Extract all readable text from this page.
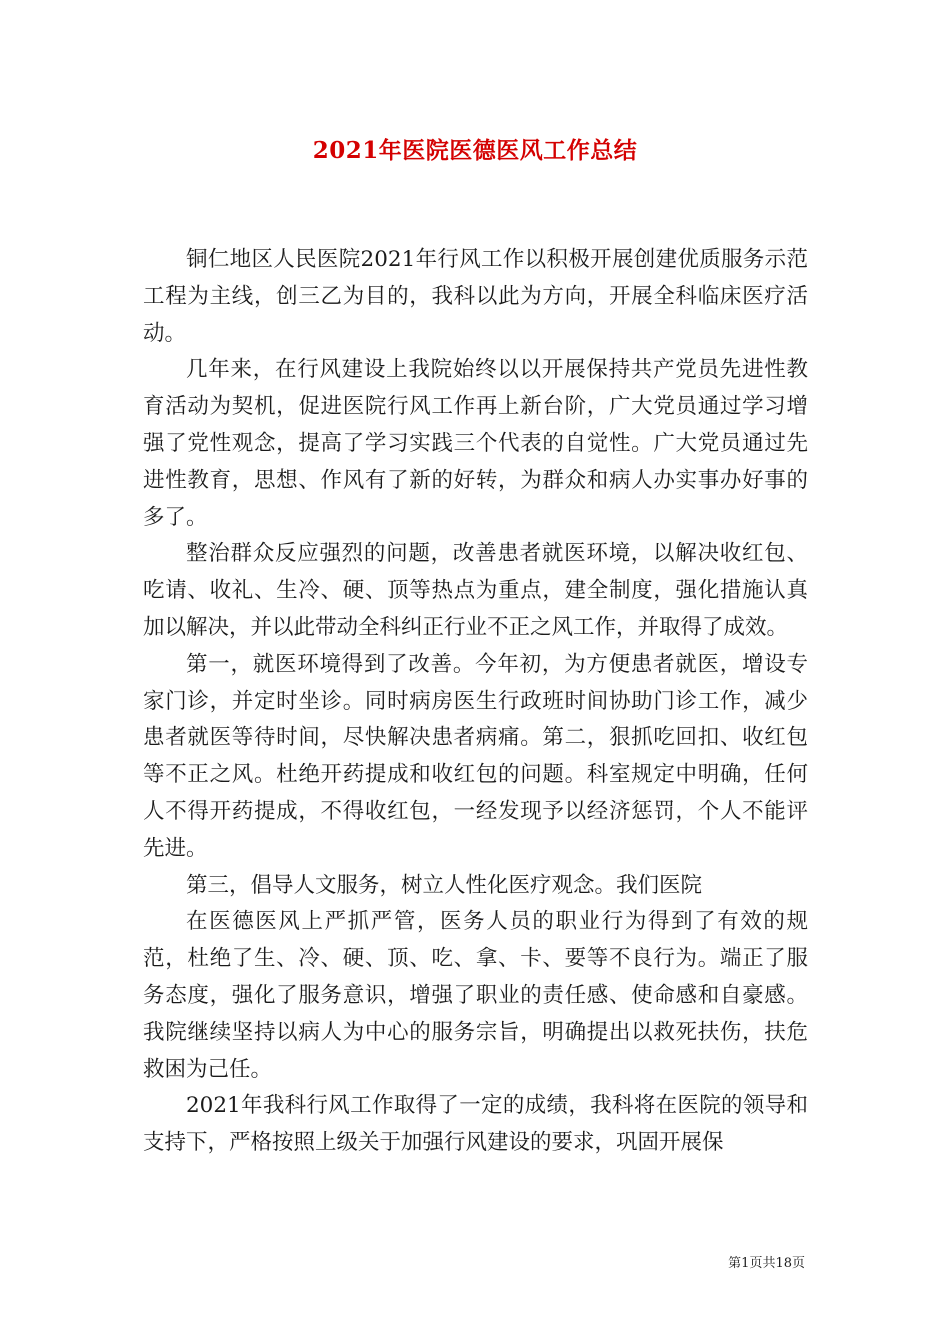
2021年医院医德医风工作总结

铜仁地区人民医院2021年行风工作以积极开展创建优质服务示范工程为主线，创三乙为目的，我科以此为方向，开展全科临床医疗活动。

几年来，在行风建设上我院始终以以开展保持共产党员先进性教育活动为契机，促进医院行风工作再上新台阶，广大党员通过学习增强了党性观念，提高了学习实践三个代表的自觉性。广大党员通过先进性教育，思想、作风有了新的好转，为群众和病人办实事办好事的多了。

整治群众反应强烈的问题，改善患者就医环境，以解决收红包、吃请、收礼、生冷、硬、顶等热点为重点，建全制度，强化措施认真加以解决，并以此带动全科纠正行业不正之风工作，并取得了成效。

第一，就医环境得到了改善。今年初，为方便患者就医，增设专家门诊，并定时坐诊。同时病房医生行政班时间协助门诊工作，减少患者就医等待时间，尽快解决患者病痛。第二，狠抓吃回扣、收红包等不正之风。杜绝开药提成和收红包的问题。科室规定中明确，任何人不得开药提成，不得收红包，一经发现予以经济惩罚，个人不能评先进。

第三，倡导人文服务，树立人性化医疗观念。我们医院

在医德医风上严抓严管，医务人员的职业行为得到了有效的规范，杜绝了生、冷、硬、顶、吃、拿、卡、要等不良行为。端正了服务态度，强化了服务意识，增强了职业的责任感、使命感和自豪感。我院继续坚持以病人为中心的服务宗旨，明确提出以救死扶伤，扶危救困为己任。

2021年我科行风工作取得了一定的成绩，我科将在医院的领导和支持下，严格按照上级关于加强行风建设的要求，巩固开展保

第1页共18页
